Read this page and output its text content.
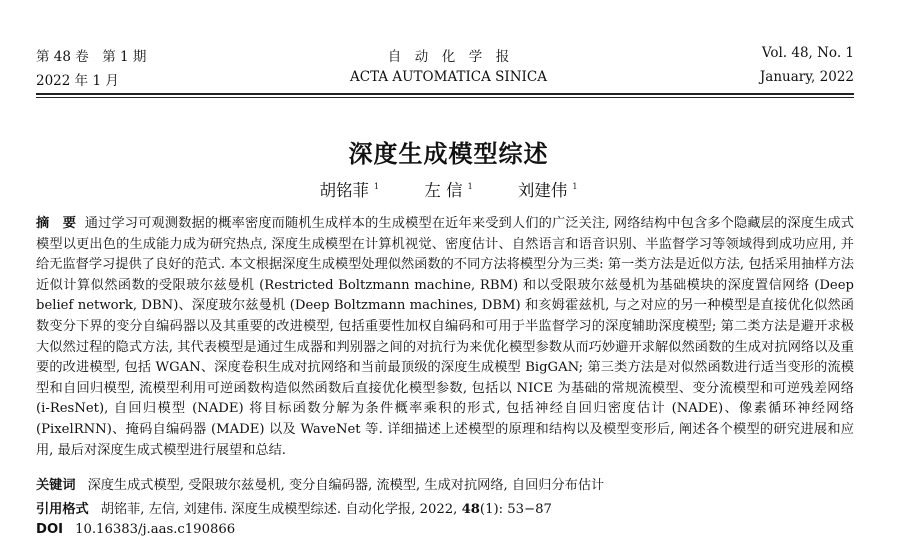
第 48 卷　第 1 期
2022 年 1 月
自　动　化　学　报
ACTA AUTOMATICA SINICA
Vol. 48, No. 1
January, 2022
深度生成模型综述
胡铭菲 $^1$	左 信 $^1$	刘建伟 $^1$
摘　要 通过学习可观测数据的概率密度而随机生成样本的生成模型在近年来受到人们的广泛关注, 网络结构中包含多个隐藏层的深度生成式模型以更出色的生成能力成为研究热点, 深度生成模型在计算机视觉、密度估计、自然语言和语音识别、半监督学习等领域得到成功应用, 并给无监督学习提供了良好的范式. 本文根据深度生成模型处理似然函数的不同方法将模型分为三类: 第一类方法是近似方法, 包括采用抽样方法近似计算似然函数的受限玻尔兹曼机 (Restricted Boltzmann machine, RBM) 和以受限玻尔兹曼机为基础模块的深度置信网络 (Deep belief network, DBN)、深度玻尔兹曼机 (Deep Boltzmann machines, DBM) 和亥姆霍兹机, 与之对应的另一种模型是直接优化似然函数变分下界的变分自编码器以及其重要的改进模型, 包括重要性加权自编码和可用于半监督学习的深度辅助深度模型; 第二类方法是避开求极大似然过程的隐式方法, 其代表模型是通过生成器和判别器之间的对抗行为来优化模型参数从而巧妙避开求解似然函数的生成对抗网络以及重要的改进模型, 包括 WGAN、深度卷积生成对抗网络和当前最顶级的深度生成模型 BigGAN; 第三类方法是对似然函数进行适当变形的流模型和自回归模型, 流模型利用可逆函数构造似然函数后直接优化模型参数, 包括以 NICE 为基础的常规流模型、变分流模型和可逆残差网络 (i-ResNet), 自回归模型 (NADE) 将目标函数分解为条件概率乘积的形式, 包括神经自回归密度估计 (NADE)、像素循环神经网络 (PixelRNN)、掩码自编码器 (MADE) 以及 WaveNet 等. 详细描述上述模型的原理和结构以及模型变形后, 阐述各个模型的研究进展和应用, 最后对深度生成式模型进行展望和总结.
关键词 深度生成式模型, 受限玻尔兹曼机, 变分自编码器, 流模型, 生成对抗网络, 自回归分布估计
引用格式 胡铭菲, 左信, 刘建伟. 深度生成模型综述. 自动化学报, 2022, 48(1): 53−87
DOI 10.16383/j.aas.c190866
